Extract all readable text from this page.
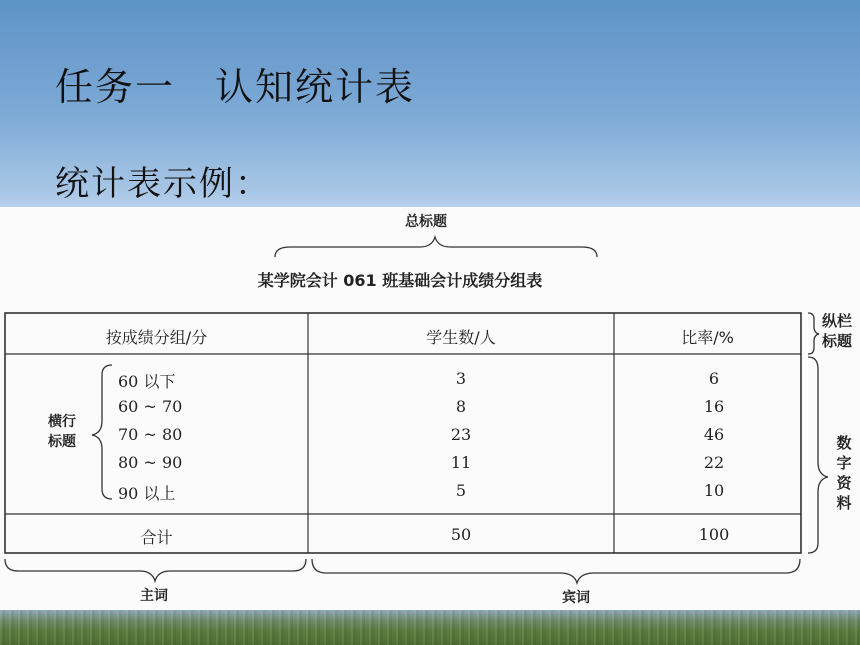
任务一　认知统计表
统计表示例：
总标题
某学院会计 061 班基础会计成绩分组表
按成绩分组/分	学生数/人	比率/%
横行
标题
60 以下	3	6
60 ~ 70	8	16
70 ~ 80	23	46
80 ~ 90	11	22
90 以上	5	10
合计	50	100
纵栏
标题
数
字
资
料
主词	宾词
